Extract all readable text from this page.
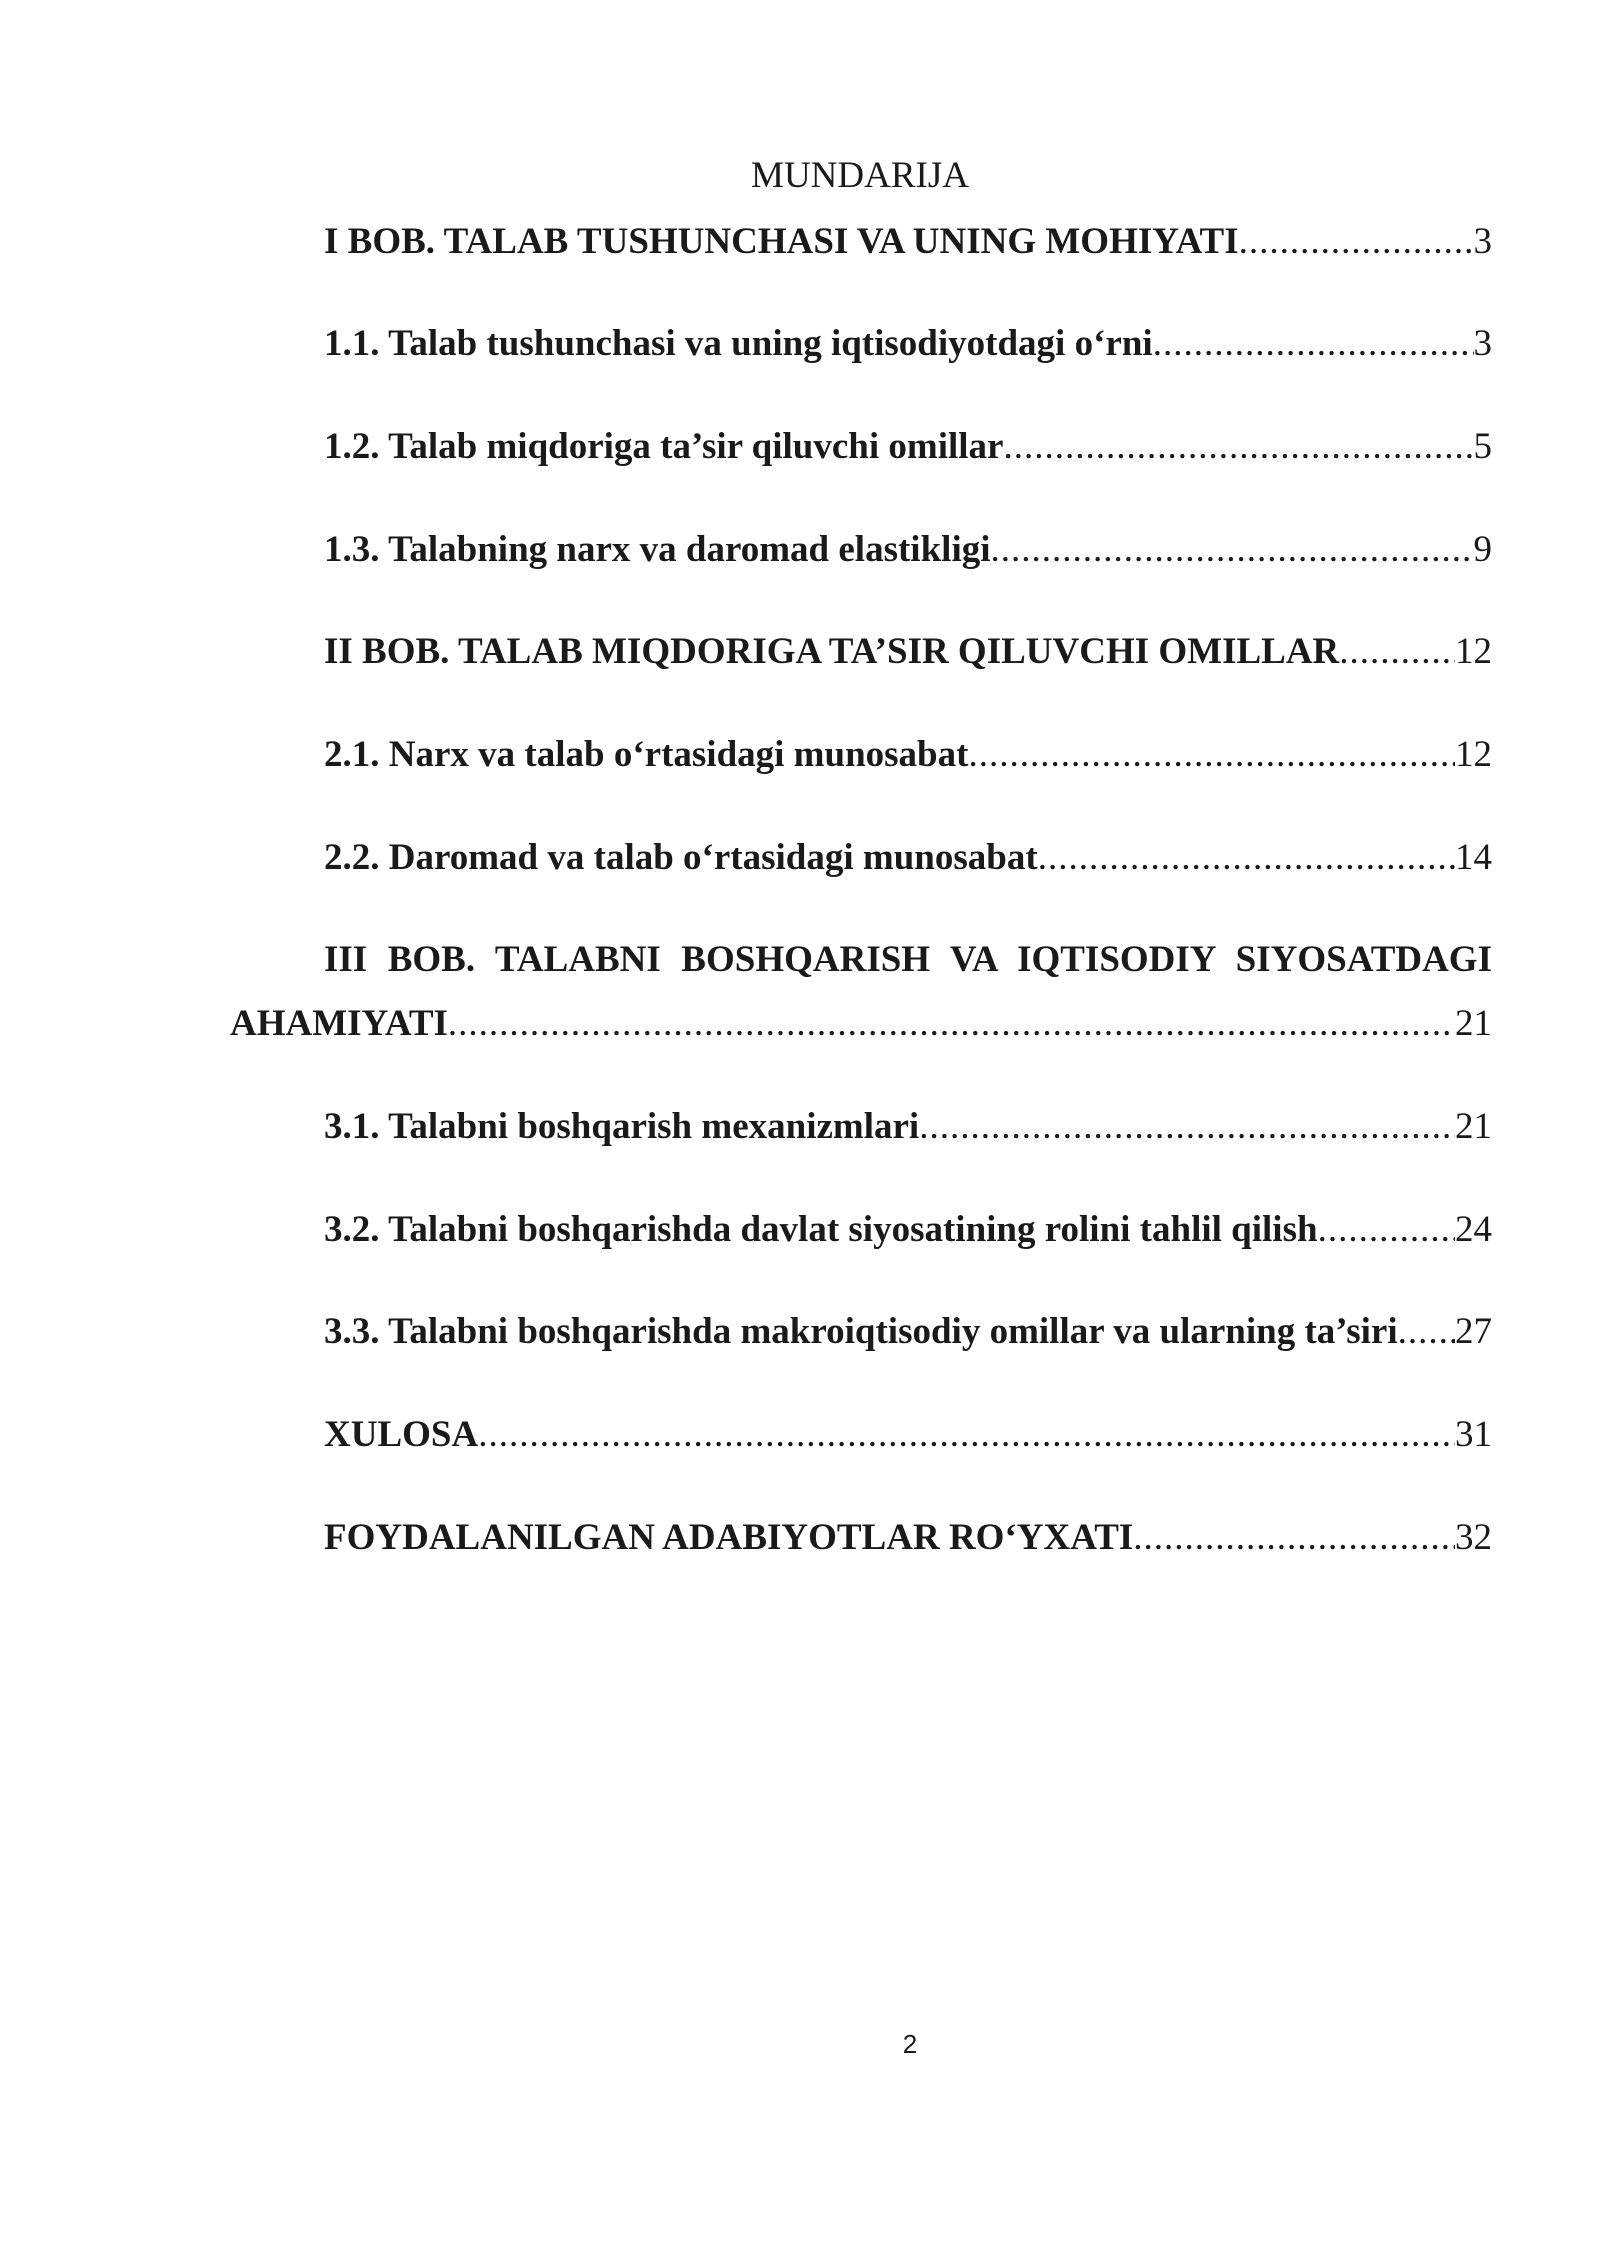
MUNDARIJA
I BOB. TALAB TUSHUNCHASI VA UNING MOHIYATI .....	3
1.1. Talab tushunchasi va uning iqtisodiyotdagi o‘rni .....	3
1.2. Talab miqdoriga ta’sir qiluvchi omillar .....	5
1.3. Talabning narx va daromad elastikligi .....	9
II BOB. TALAB MIQDORIGA TA’SIR QILUVCHI OMILLAR .....	12
2.1. Narx va talab o‘rtasidagi munosabat .....	12
2.2. Daromad va talab o‘rtasidagi munosabat .....	14
III BOB. TALABNI BOSHQARISH VA IQTISODIY SIYOSATDAGI
AHAMIYATI .....	21
3.1. Talabni boshqarish mexanizmlari .....	21
3.2. Talabni boshqarishda davlat siyosatining rolini tahlil qilish .....	24
3.3. Talabni boshqarishda makroiqtisodiy omillar va ularning ta’siri ..... 27
XULOSA .....	31
FOYDALANILGAN ADABIYOTLAR RO‘YXATI .....	32
2
